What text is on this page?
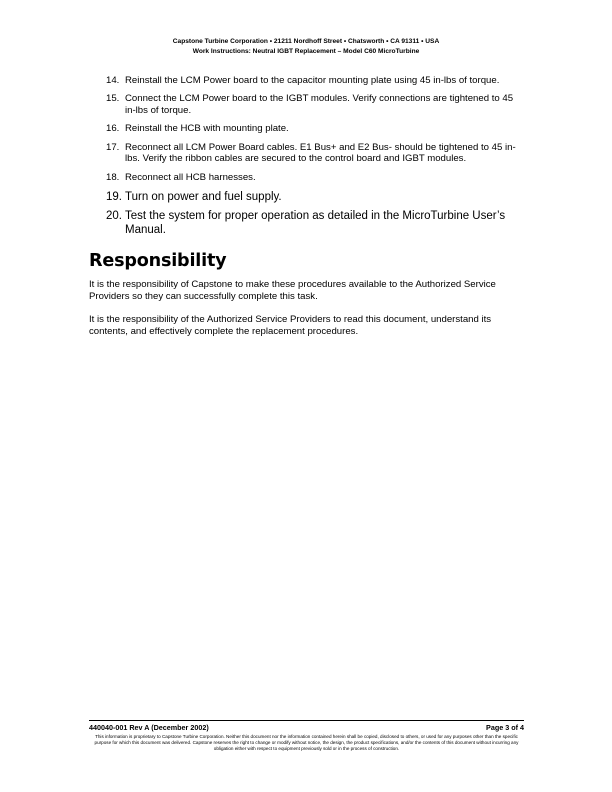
Capstone Turbine Corporation • 21211 Nordhoff Street • Chatsworth • CA 91311 • USA
Work Instructions: Neutral IGBT Replacement – Model C60 MicroTurbine
14. Reinstall the LCM Power board to the capacitor mounting plate using 45 in-lbs of torque.
15. Connect the LCM Power board to the IGBT modules. Verify connections are tightened to 45 in-lbs of torque.
16. Reinstall the HCB with mounting plate.
17. Reconnect all LCM Power Board cables. E1 Bus+ and E2 Bus- should be tightened to 45 in-lbs. Verify the ribbon cables are secured to the control board and IGBT modules.
18. Reconnect all HCB harnesses.
19. Turn on power and fuel supply.
20. Test the system for proper operation as detailed in the MicroTurbine User’s Manual.
Responsibility

It is the responsibility of Capstone to make these procedures available to the Authorized Service Providers so they can successfully complete this task.

It is the responsibility of the Authorized Service Providers to read this document, understand its contents, and effectively complete the replacement procedures.

440040-001 Rev A (December 2002)	Page 3 of 4
This information is proprietary to Capstone Turbine Corporation. Neither this document nor the information contained herein shall be copied, disclosed to others, or used for any purposes other than the specific purpose for which this document was delivered. Capstone reserves the right to change or modify without notice, the design, the product specifications, and/or the contents of this document without incurring any obligation either with respect to equipment previously sold or in the process of construction.
